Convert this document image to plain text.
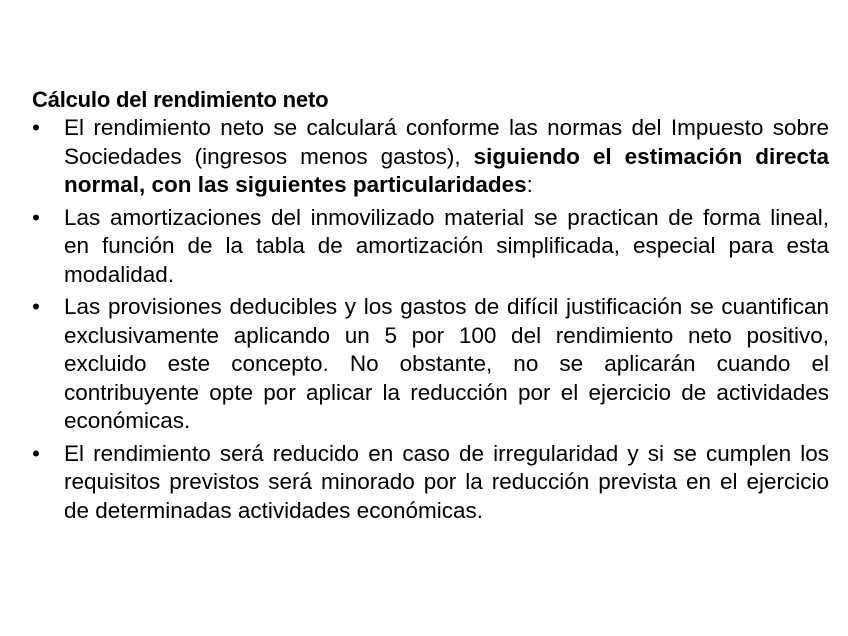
Cálculo del rendimiento neto
•	El rendimiento neto se calculará conforme las normas del Impuesto sobre Sociedades (ingresos menos gastos), siguiendo el estimación directa normal, con las siguientes particularidades:
•	Las amortizaciones del inmovilizado material se practican de forma lineal, en función de la tabla de amortización simplificada, especial para esta modalidad.
•	Las provisiones deducibles y los gastos de difícil justificación se cuantifican exclusivamente aplicando un 5 por 100 del rendimiento neto positivo, excluido este concepto. No obstante, no se aplicarán cuando el contribuyente opte por aplicar la reducción por el ejercicio de actividades económicas.
•	El rendimiento será reducido en caso de irregularidad y si se cumplen los requisitos previstos será minorado por la reducción prevista en el ejercicio de determinadas actividades económicas.
